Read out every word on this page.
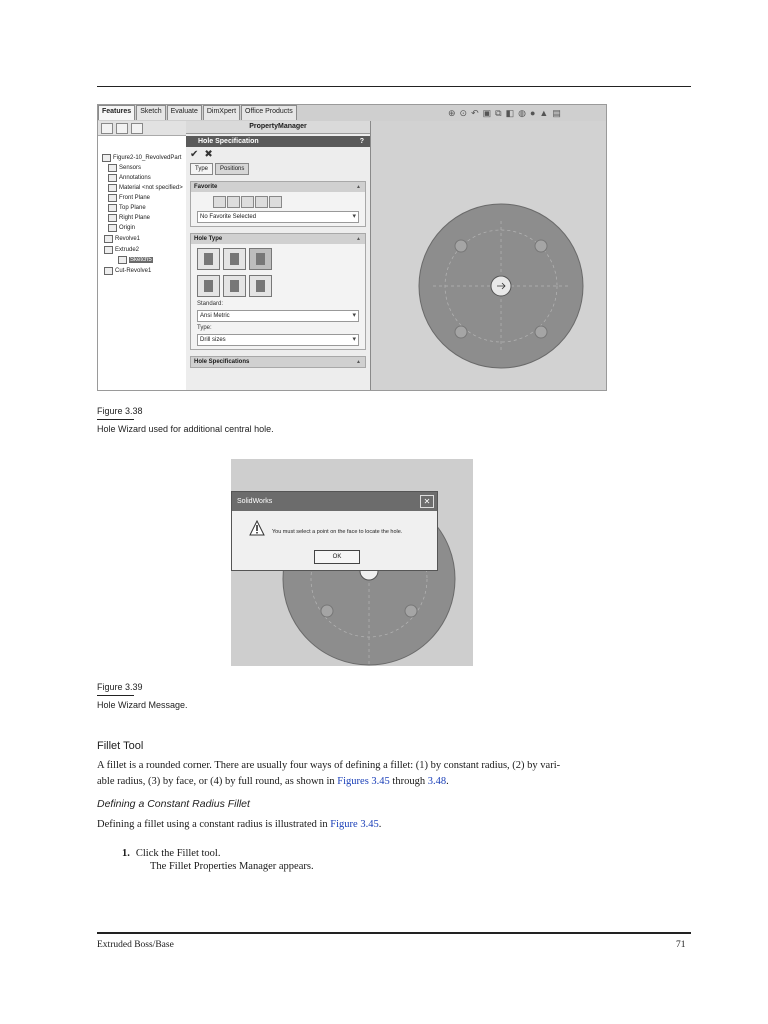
Features	Sketch	Evaluate	DimXpert	Office Products	⊕ ⊙ ↶ ▣ ⧉ ◧ ◍ ● ▲ ▤
Figure2-10_RevolvedPart
Sensors
Annotations
Material <not specified>
Front Plane
Top Plane
Right Plane
Origin
Revolve1
Extrude2
Sketch5
Cut-Revolve1
PropertyManager
Hole Specification	?
✔ ✖
Type	Positions
Favorite ▲
No Favorite Selected ▾
Hole Type ▲
Standard:
Ansi Metric ▾
Type:
Drill sizes ▾
Hole Specifications ▲
Figure 3.38
Hole Wizard used for additional central hole.
SolidWorks	✕
You must select a point on the face to locate the hole.
OK
Figure 3.39
Hole Wizard Message.
Fillet Tool
A fillet is a rounded corner. There are usually four ways of defining a fillet: (1) by constant radius, (2) by vari-
able radius, (3) by face, or (4) by full round, as shown in Figures 3.45 through 3.48.
Defining a Constant Radius Fillet
Defining a fillet using a constant radius is illustrated in Figure 3.45.
1. Click the Fillet tool.
The Fillet Properties Manager appears.
Extruded Boss/Base	71
